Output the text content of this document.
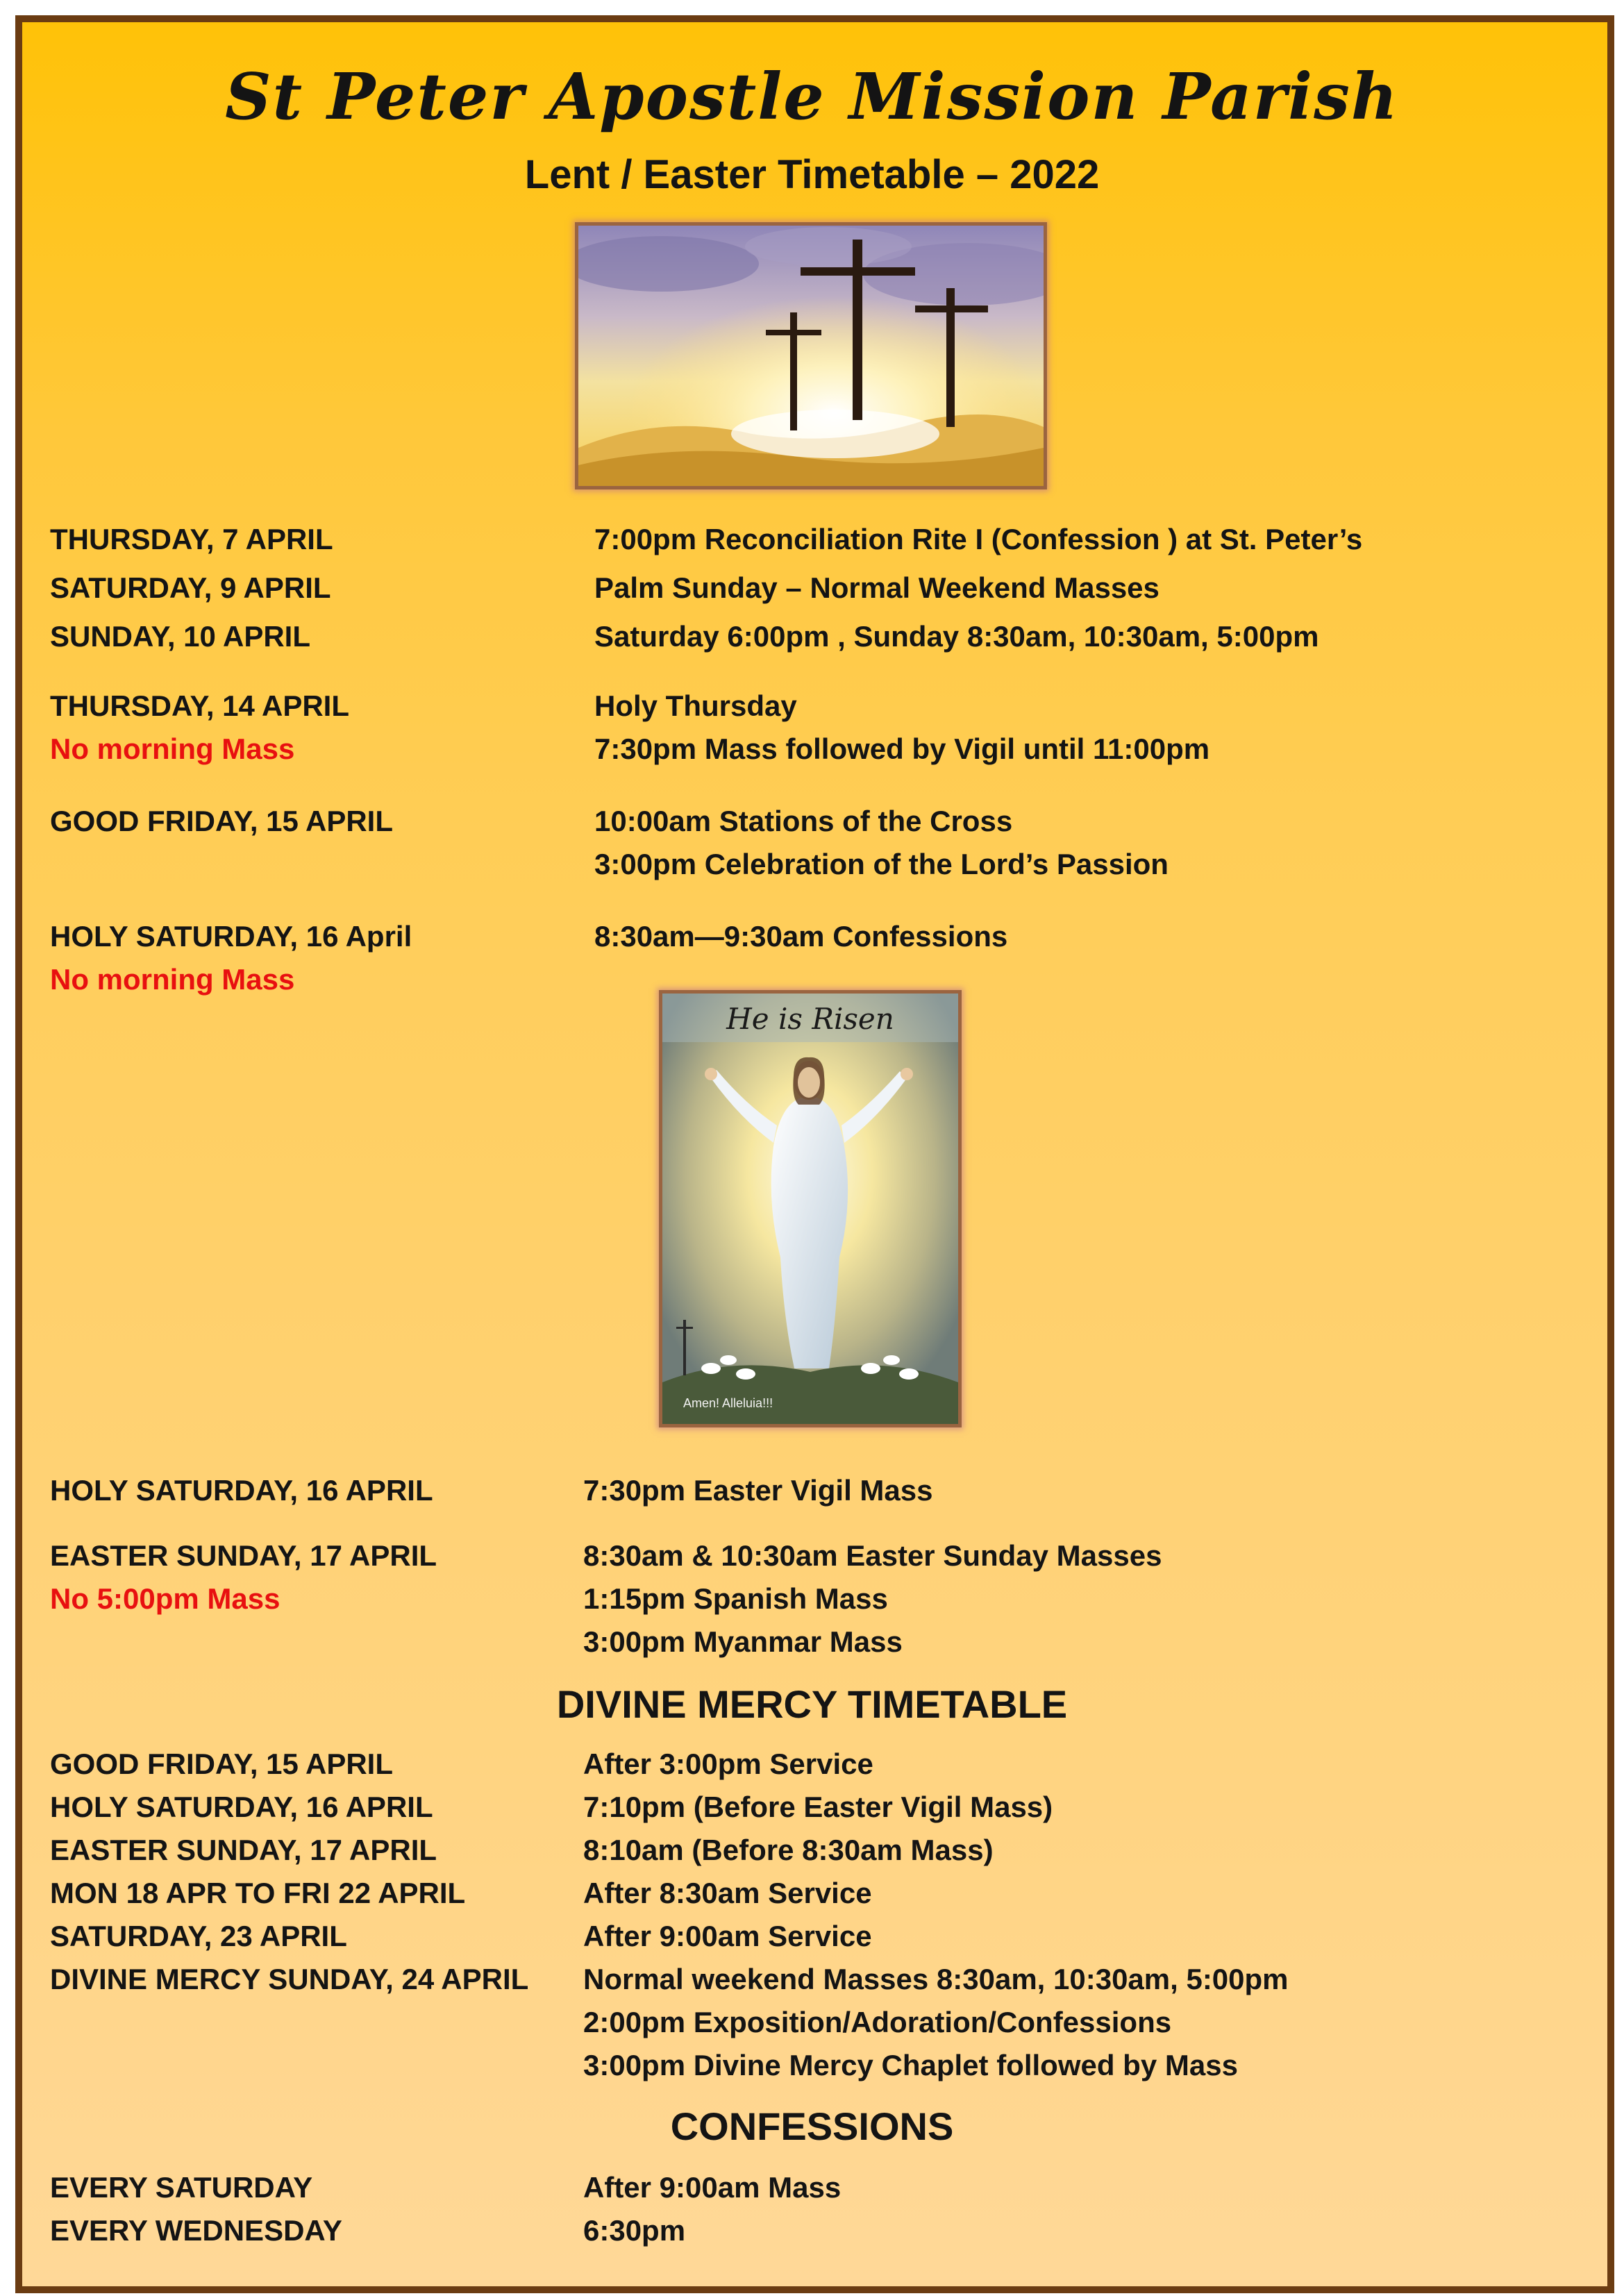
St Peter Apostle Mission Parish
Lent / Easter Timetable – 2022
THURSDAY, 7 APRIL	7:00pm Reconciliation Rite I (Confession ) at St. Peter’s
SATURDAY, 9 APRIL	Palm Sunday – Normal Weekend Masses
SUNDAY, 10 APRIL	Saturday 6:00pm , Sunday 8:30am, 10:30am, 5:00pm
THURSDAY, 14 APRIL	Holy Thursday
No morning Mass	7:30pm Mass followed by Vigil until 11:00pm
GOOD FRIDAY, 15 APRIL	10:00am Stations of the Cross
3:00pm Celebration of the Lord’s Passion
HOLY SATURDAY, 16 April	8:30am—9:30am Confessions
No morning Mass
He is Risen
Amen! Alleluia!!!
HOLY SATURDAY, 16 APRIL	7:30pm Easter Vigil Mass
EASTER SUNDAY, 17 APRIL	8:30am & 10:30am Easter Sunday Masses
No 5:00pm Mass	1:15pm Spanish Mass
3:00pm Myanmar Mass
DIVINE MERCY TIMETABLE
GOOD FRIDAY, 15 APRIL	After 3:00pm Service
HOLY SATURDAY, 16 APRIL	7:10pm (Before Easter Vigil Mass)
EASTER SUNDAY, 17 APRIL	8:10am (Before 8:30am Mass)
MON 18 APR TO FRI 22 APRIL	After 8:30am Service
SATURDAY, 23 APRIL	After 9:00am Service
DIVINE MERCY SUNDAY, 24 APRIL Normal weekend Masses 8:30am, 10:30am, 5:00pm
2:00pm Exposition/Adoration/Confessions
3:00pm Divine Mercy Chaplet followed by Mass
CONFESSIONS
EVERY SATURDAY	After 9:00am Mass
EVERY WEDNESDAY	6:30pm
